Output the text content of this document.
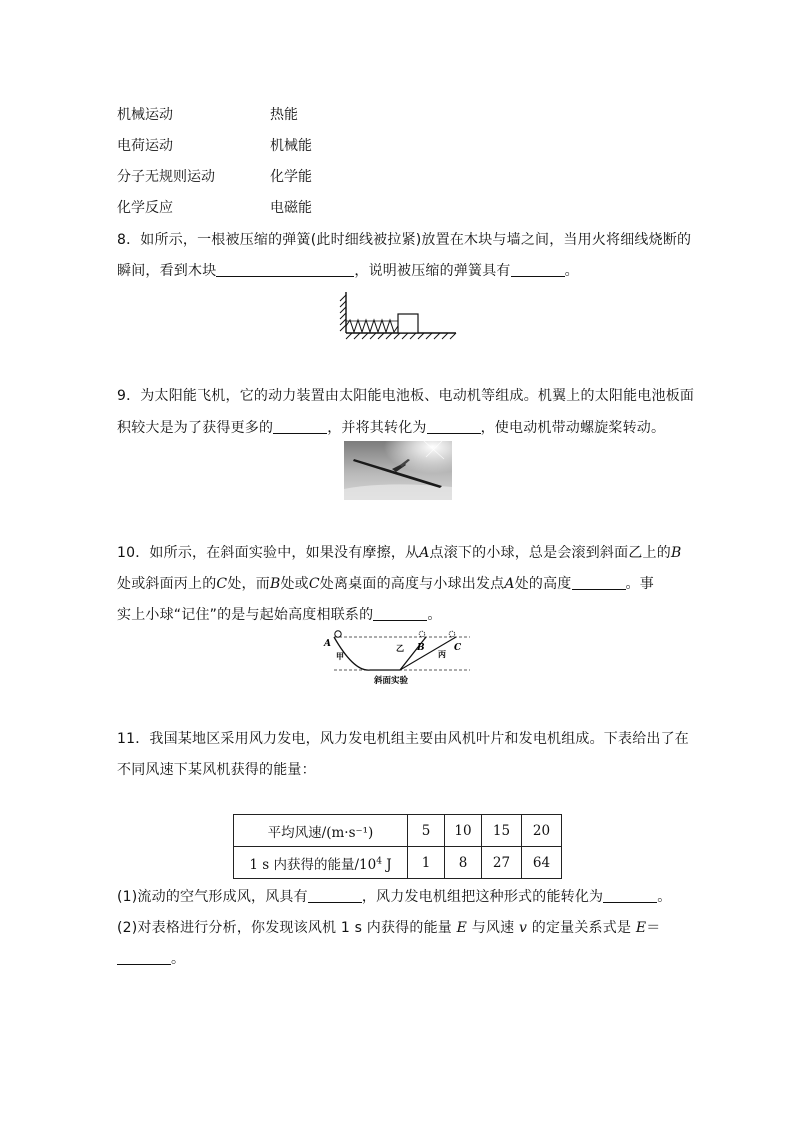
机械运动	热能
电荷运动	机械能
分子无规则运动	化学能
化学反应	电磁能
8．如所示，一根被压缩的弹簧(此时细线被拉紧)放置在木块与墙之间，当用火将细线烧断的
瞬间，看到木块	，说明被压缩的弹簧具有	。
9．为太阳能飞机，它的动力装置由太阳能电池板、电动机等组成。机翼上的太阳能电池板面
积较大是为了获得更多的	，并将其转化为	，使电动机带动螺旋桨转动。
10．如所示，在斜面实验中，如果没有摩擦，从A点滚下的小球，总是会滚到斜面乙上的B
处或斜面丙上的C处，而B处或C处离桌面的高度与小球出发点A处的高度	。事
实上小球“记住”的是与起始高度相联系的	。
A
甲
乙 B
丙
C
斜面实验
11．我国某地区采用风力发电，风力发电机组主要由风机叶片和发电机组成。下表给出了在
不同风速下某风机获得的能量：
平均风速/(m·s⁻¹)	5	10	15	20
1 s 内获得的能量$/10^4$ J	1	8	27	64
(1)流动的空气形成风，风具有	，风力发电机组把这种形式的能转化为	。
(2)对表格进行分析，你发现该风机 1 s 内获得的能量 E 与风速 v 的定量关系式是 E＝
。
